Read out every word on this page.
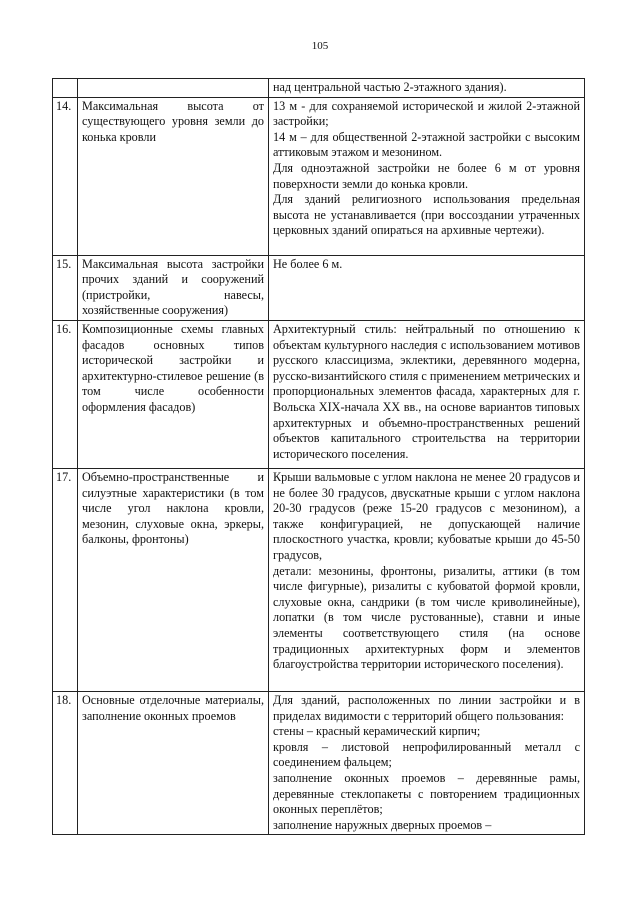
105
		над центральной частью 2-этажного здания).
14.	Максимальная высота от существующего уровня земли до конька кровли	13 м - для сохраняемой исторической и жилой 2-этажной застройки;
14 м – для общественной 2-этажной застройки с высоким аттиковым этажом и мезонином.
Для одноэтажной застройки не более 6 м от уровня поверхности земли до конька кровли.
Для зданий религиозного использования предельная высота не устанавливается (при воссоздании утраченных церковных зданий опираться на архивные чертежи).

15.	Максимальная высота застройки прочих зданий и сооружений (пристройки, навесы, хозяйственные сооружения)	Не более 6 м.

16.	Композиционные схемы главных фасадов основных типов исторической застройки и архитектурно-стилевое решение (в том числе особенности оформления фасадов)	Архитектурный стиль: нейтральный по отношению к объектам культурного наследия с использованием мотивов русского классицизма, эклектики, деревянного модерна, русско-византийского стиля с применением метрических и пропорциональных элементов фасада, характерных для г. Вольска XIX-начала XX вв., на основе вариантов типовых архитектурных и объемно-пространственных решений объектов капитального строительства на территории исторического поселения.

17.	Объемно-пространственные и силуэтные характеристики (в том числе угол наклона кровли, мезонин, слуховые окна, эркеры, балконы, фронтоны)	Крыши вальмовые с углом наклона не менее 20 градусов и не более 30 градусов, двускатные крыши с углом наклона 20-30 градусов (реже 15-20 градусов с мезонином), а также конфигурацией, не допускающей наличие плоскостного участка, кровли; кубоватые крыши до 45-50 градусов,
детали: мезонины, фронтоны, ризалиты, аттики (в том числе фигурные), ризалиты с кубоватой формой кровли, слуховые окна, сандрики (в том числе криволинейные), лопатки (в том числе рустованные), ставни и иные элементы соответствующего стиля (на основе традиционных архитектурных форм и элементов благоустройства территории исторического поселения).

18.	Основные отделочные материалы, заполнение оконных проемов	Для зданий, расположенных по линии застройки и в приделах видимости с территорий общего пользования:
стены – красный керамический кирпич;
кровля – листовой непрофилированный металл с соединением фальцем;
заполнение оконных проемов – деревянные рамы, деревянные стеклопакеты с повторением традиционных оконных переплётов;
заполнение наружных дверных проемов –
